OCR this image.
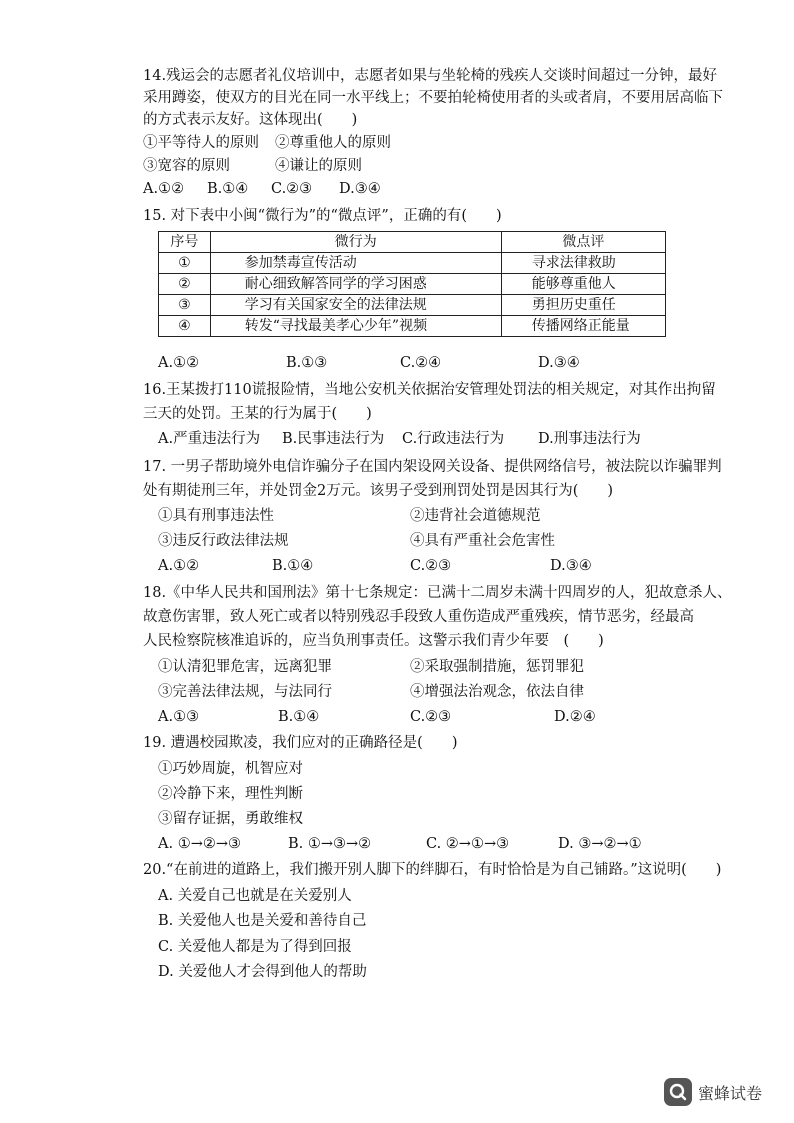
14.残运会的志愿者礼仪培训中，志愿者如果与坐轮椅的残疾人交谈时间超过一分钟，最好
采用蹲姿，使双方的目光在同一水平线上；不要拍轮椅使用者的头或者肩，不要用居高临下
的方式表示友好。这体现出(　　)
①平等待人的原则 ②尊重他人的原则
③宽容的原则	④谦让的原则
A.①② B.①④ C.②③ D.③④
15. 对下表中小闽“微行为”的“微点评”，正确的有(　　)
序号	微行为	微点评
①	参加禁毒宣传活动	寻求法律救助
②	耐心细致解答同学的学习困惑	能够尊重他人
③	学习有关国家安全的法律法规	勇担历史重任
④	转发“寻找最美孝心少年”视频	传播网络正能量
A.①②	B.①③	C.②④	D.③④
16.王某拨打110谎报险情，当地公安机关依据治安管理处罚法的相关规定，对其作出拘留
三天的处罚。王某的行为属于(　　)
A.严重违法行为 B.民事违法行为 C.行政违法行为 D.刑事违法行为
17. 一男子帮助境外电信诈骗分子在国内架设网关设备、提供网络信号，被法院以诈骗罪判
处有期徒刑三年，并处罚金2万元。该男子受到刑罚处罚是因其行为(　　)
①具有刑事违法性	②违背社会道德规范
③违反行政法律法规	④具有严重社会危害性
A.①②	B.①④	C.②③	D.③④
18.《中华人民共和国刑法》第十七条规定：已满十二周岁未满十四周岁的人，犯故意杀人、
故意伤害罪，致人死亡或者以特别残忍手段致人重伤造成严重残疾，情节恶劣，经最高
人民检察院核准追诉的，应当负刑事责任。这警示我们青少年要　(　　)
①认清犯罪危害，远离犯罪	②采取强制措施，惩罚罪犯
③完善法律法规，与法同行	④增强法治观念，依法自律
A.①③	B.①④	C.②③	D.②④
19. 遭遇校园欺凌，我们应对的正确路径是(　　)
①巧妙周旋，机智应对
②冷静下来，理性判断
③留存证据，勇敢维权
A. ①→②→③	B. ①→③→②	C. ②→①→③	D. ③→②→①
20.“在前进的道路上，我们搬开别人脚下的绊脚石，有时恰恰是为自己铺路。”这说明(　　)
A. 关爱自己也就是在关爱别人
B. 关爱他人也是关爱和善待自己
C. 关爱他人都是为了得到回报
D. 关爱他人才会得到他人的帮助
蜜蜂试卷
